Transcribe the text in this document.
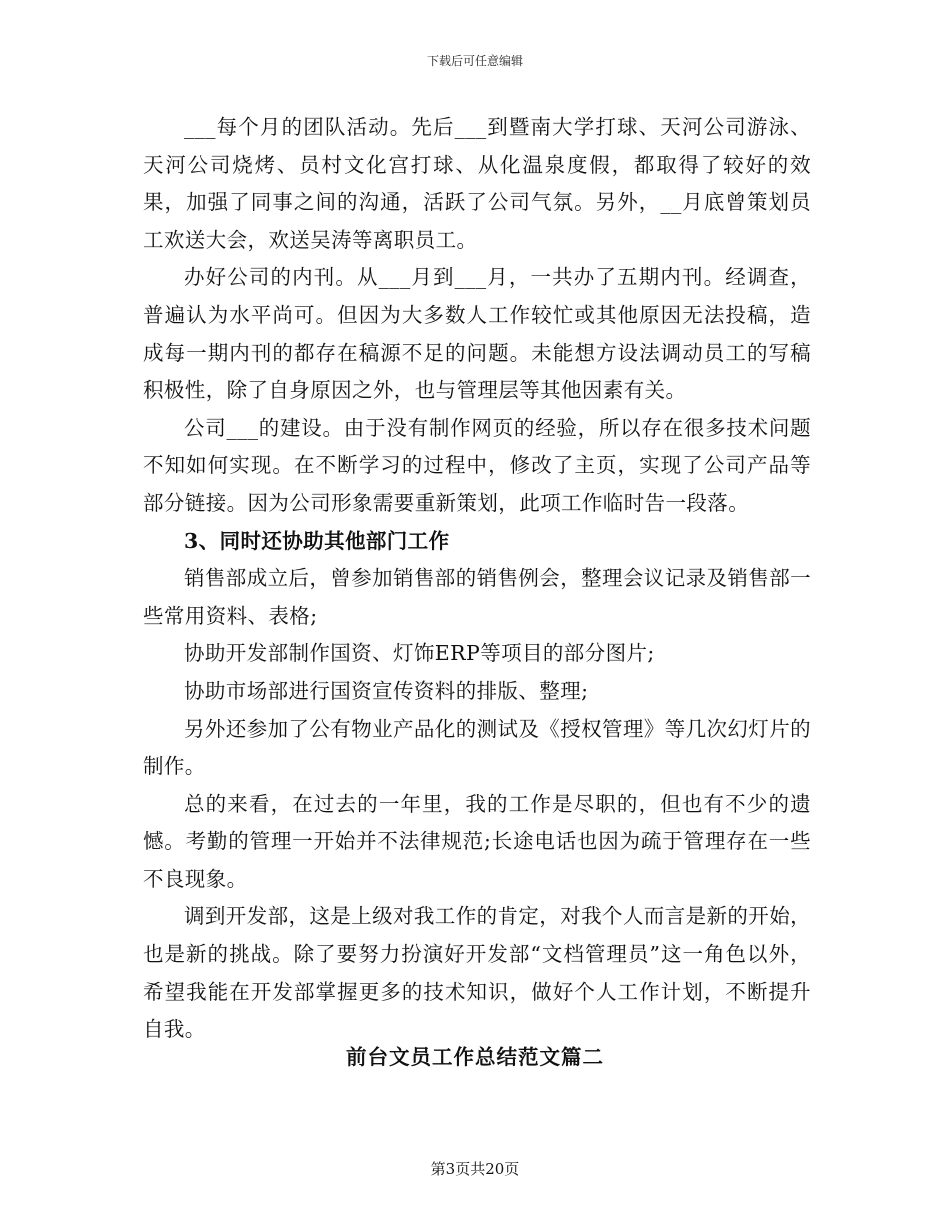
下载后可任意编辑

___每个月的团队活动。先后___到暨南大学打球、天河公司游泳、天河公司烧烤、员村文化宫打球、从化温泉度假，都取得了较好的效果，加强了同事之间的沟通，活跃了公司气氛。另外，__月底曾策划员工欢送大会，欢送吴涛等离职员工。

办好公司的内刊。从___月到___月，一共办了五期内刊。经调查，普遍认为水平尚可。但因为大多数人工作较忙或其他原因无法投稿，造成每一期内刊的都存在稿源不足的问题。未能想方设法调动员工的写稿积极性，除了自身原因之外，也与管理层等其他因素有关。

公司___的建设。由于没有制作网页的经验，所以存在很多技术问题不知如何实现。在不断学习的过程中，修改了主页，实现了公司产品等部分链接。因为公司形象需要重新策划，此项工作临时告一段落。

3、同时还协助其他部门工作

销售部成立后，曾参加销售部的销售例会，整理会议记录及销售部一些常用资料、表格;

协助开发部制作国资、灯饰ERP等项目的部分图片;

协助市场部进行国资宣传资料的排版、整理;

另外还参加了公有物业产品化的测试及《授权管理》等几次幻灯片的制作。

总的来看，在过去的一年里，我的工作是尽职的，但也有不少的遗憾。考勤的管理一开始并不法律规范;长途电话也因为疏于管理存在一些不良现象。

调到开发部，这是上级对我工作的肯定，对我个人而言是新的开始，也是新的挑战。除了要努力扮演好开发部“文档管理员”这一角色以外，希望我能在开发部掌握更多的技术知识，做好个人工作计划，不断提升自我。

前台文员工作总结范文篇二
第3页共20页
